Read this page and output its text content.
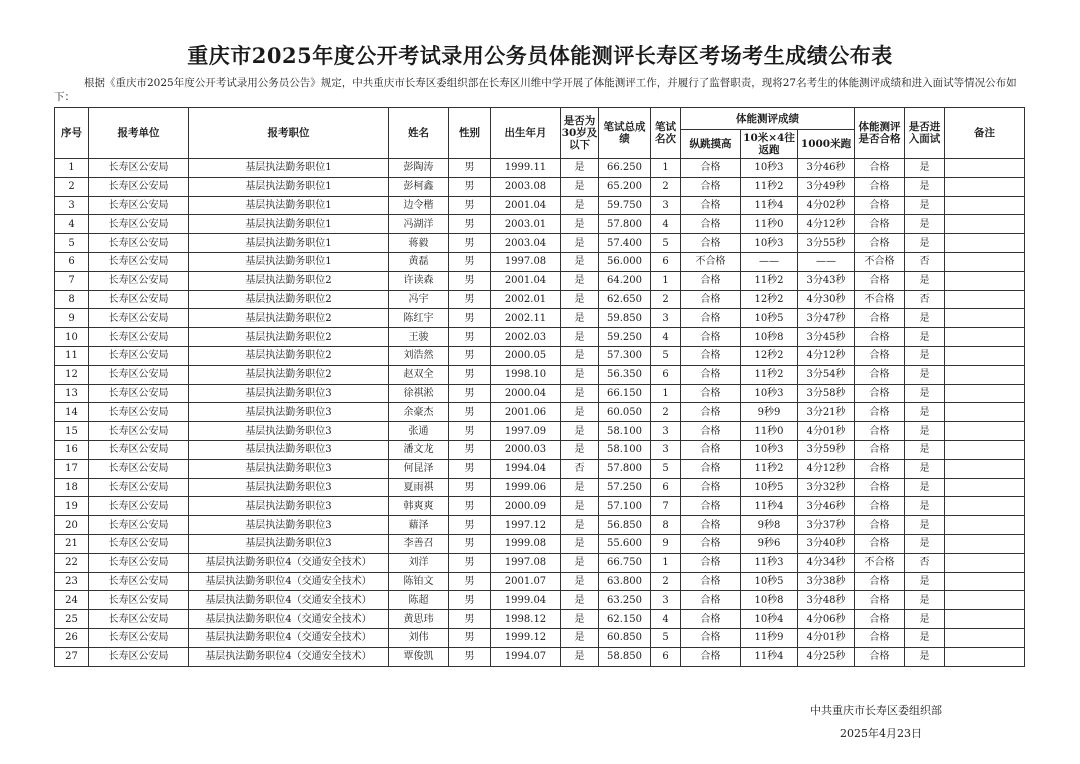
重庆市2025年度公开考试录用公务员体能测评长寿区考场考生成绩公布表
根据《重庆市2025年度公开考试录用公务员公告》规定，中共重庆市长寿区委组织部在长寿区川维中学开展了体能测评工作，并履行了监督职责，现将27名考生的体能测评成绩和进入面试等情况公布如下：
序号	报考单位	报考职位	姓名	性别	出生年月	是否为30岁及以下	笔试总成绩	笔试名次	体能测评成绩			体能测评是否合格	是否进入面试	备注
									纵跳摸高	10米×4往返跑	1000米跑			
1	长寿区公安局	基层执法勤务职位1	彭陶涛	男	1999.11	是	66.250	1	合格	10秒3	3分46秒	合格	是	
2	长寿区公安局	基层执法勤务职位1	彭柯鑫	男	2003.08	是	65.200	2	合格	11秒2	3分49秒	合格	是	
3	长寿区公安局	基层执法勤务职位1	边令楷	男	2001.04	是	59.750	3	合格	11秒4	4分02秒	合格	是	
4	长寿区公安局	基层执法勤务职位1	冯湖洋	男	2003.01	是	57.800	4	合格	11秒0	4分12秒	合格	是	
5	长寿区公安局	基层执法勤务职位1	蒋毅	男	2003.04	是	57.400	5	合格	10秒3	3分55秒	合格	是	
6	长寿区公安局	基层执法勤务职位1	黄磊	男	1997.08	是	56.000	6	不合格	——	——	不合格	否	
7	长寿区公安局	基层执法勤务职位2	许读森	男	2001.04	是	64.200	1	合格	11秒2	3分43秒	合格	是	
8	长寿区公安局	基层执法勤务职位2	冯宇	男	2002.01	是	62.650	2	合格	12秒2	4分30秒	不合格	否	
9	长寿区公安局	基层执法勤务职位2	陈红宇	男	2002.11	是	59.850	3	合格	10秒5	3分47秒	合格	是	
10	长寿区公安局	基层执法勤务职位2	王骏	男	2002.03	是	59.250	4	合格	10秒8	3分45秒	合格	是	
11	长寿区公安局	基层执法勤务职位2	刘浩然	男	2000.05	是	57.300	5	合格	12秒2	4分12秒	合格	是	
12	长寿区公安局	基层执法勤务职位2	赵双全	男	1998.10	是	56.350	6	合格	11秒2	3分54秒	合格	是	
13	长寿区公安局	基层执法勤务职位3	徐祺淞	男	2000.04	是	66.150	1	合格	10秒3	3分58秒	合格	是	
14	长寿区公安局	基层执法勤务职位3	余豪杰	男	2001.06	是	60.050	2	合格	9秒9	3分21秒	合格	是	
15	长寿区公安局	基层执法勤务职位3	张通	男	1997.09	是	58.100	3	合格	11秒0	4分01秒	合格	是	
16	长寿区公安局	基层执法勤务职位3	潘文龙	男	2000.03	是	58.100	3	合格	10秒3	3分59秒	合格	是	
17	长寿区公安局	基层执法勤务职位3	何昆泽	男	1994.04	否	57.800	5	合格	11秒2	4分12秒	合格	是	
18	长寿区公安局	基层执法勤务职位3	夏雨祺	男	1999.06	是	57.250	6	合格	10秒5	3分32秒	合格	是	
19	长寿区公安局	基层执法勤务职位3	韩爽爽	男	2000.09	是	57.100	7	合格	11秒4	3分46秒	合格	是	
20	长寿区公安局	基层执法勤务职位3	藉泽	男	1997.12	是	56.850	8	合格	9秒8	3分37秒	合格	是	
21	长寿区公安局	基层执法勤务职位3	李善召	男	1999.08	是	55.600	9	合格	9秒6	3分40秒	合格	是	
22	长寿区公安局	基层执法勤务职位4（交通安全技术）	刘洋	男	1997.08	是	66.750	1	合格	11秒3	4分34秒	不合格	否	
23	长寿区公安局	基层执法勤务职位4（交通安全技术）	陈铂文	男	2001.07	是	63.800	2	合格	10秒5	3分38秒	合格	是	
24	长寿区公安局	基层执法勤务职位4（交通安全技术）	陈超	男	1999.04	是	63.250	3	合格	10秒8	3分48秒	合格	是	
25	长寿区公安局	基层执法勤务职位4（交通安全技术）	黄思玮	男	1998.12	是	62.150	4	合格	10秒4	4分06秒	合格	是	
26	长寿区公安局	基层执法勤务职位4（交通安全技术）	刘伟	男	1999.12	是	60.850	5	合格	11秒9	4分01秒	合格	是	
27	长寿区公安局	基层执法勤务职位4（交通安全技术）	覃俊凯	男	1994.07	是	58.850	6	合格	11秒4	4分25秒	合格	是	
中共重庆市长寿区委组织部
2025年4月23日
